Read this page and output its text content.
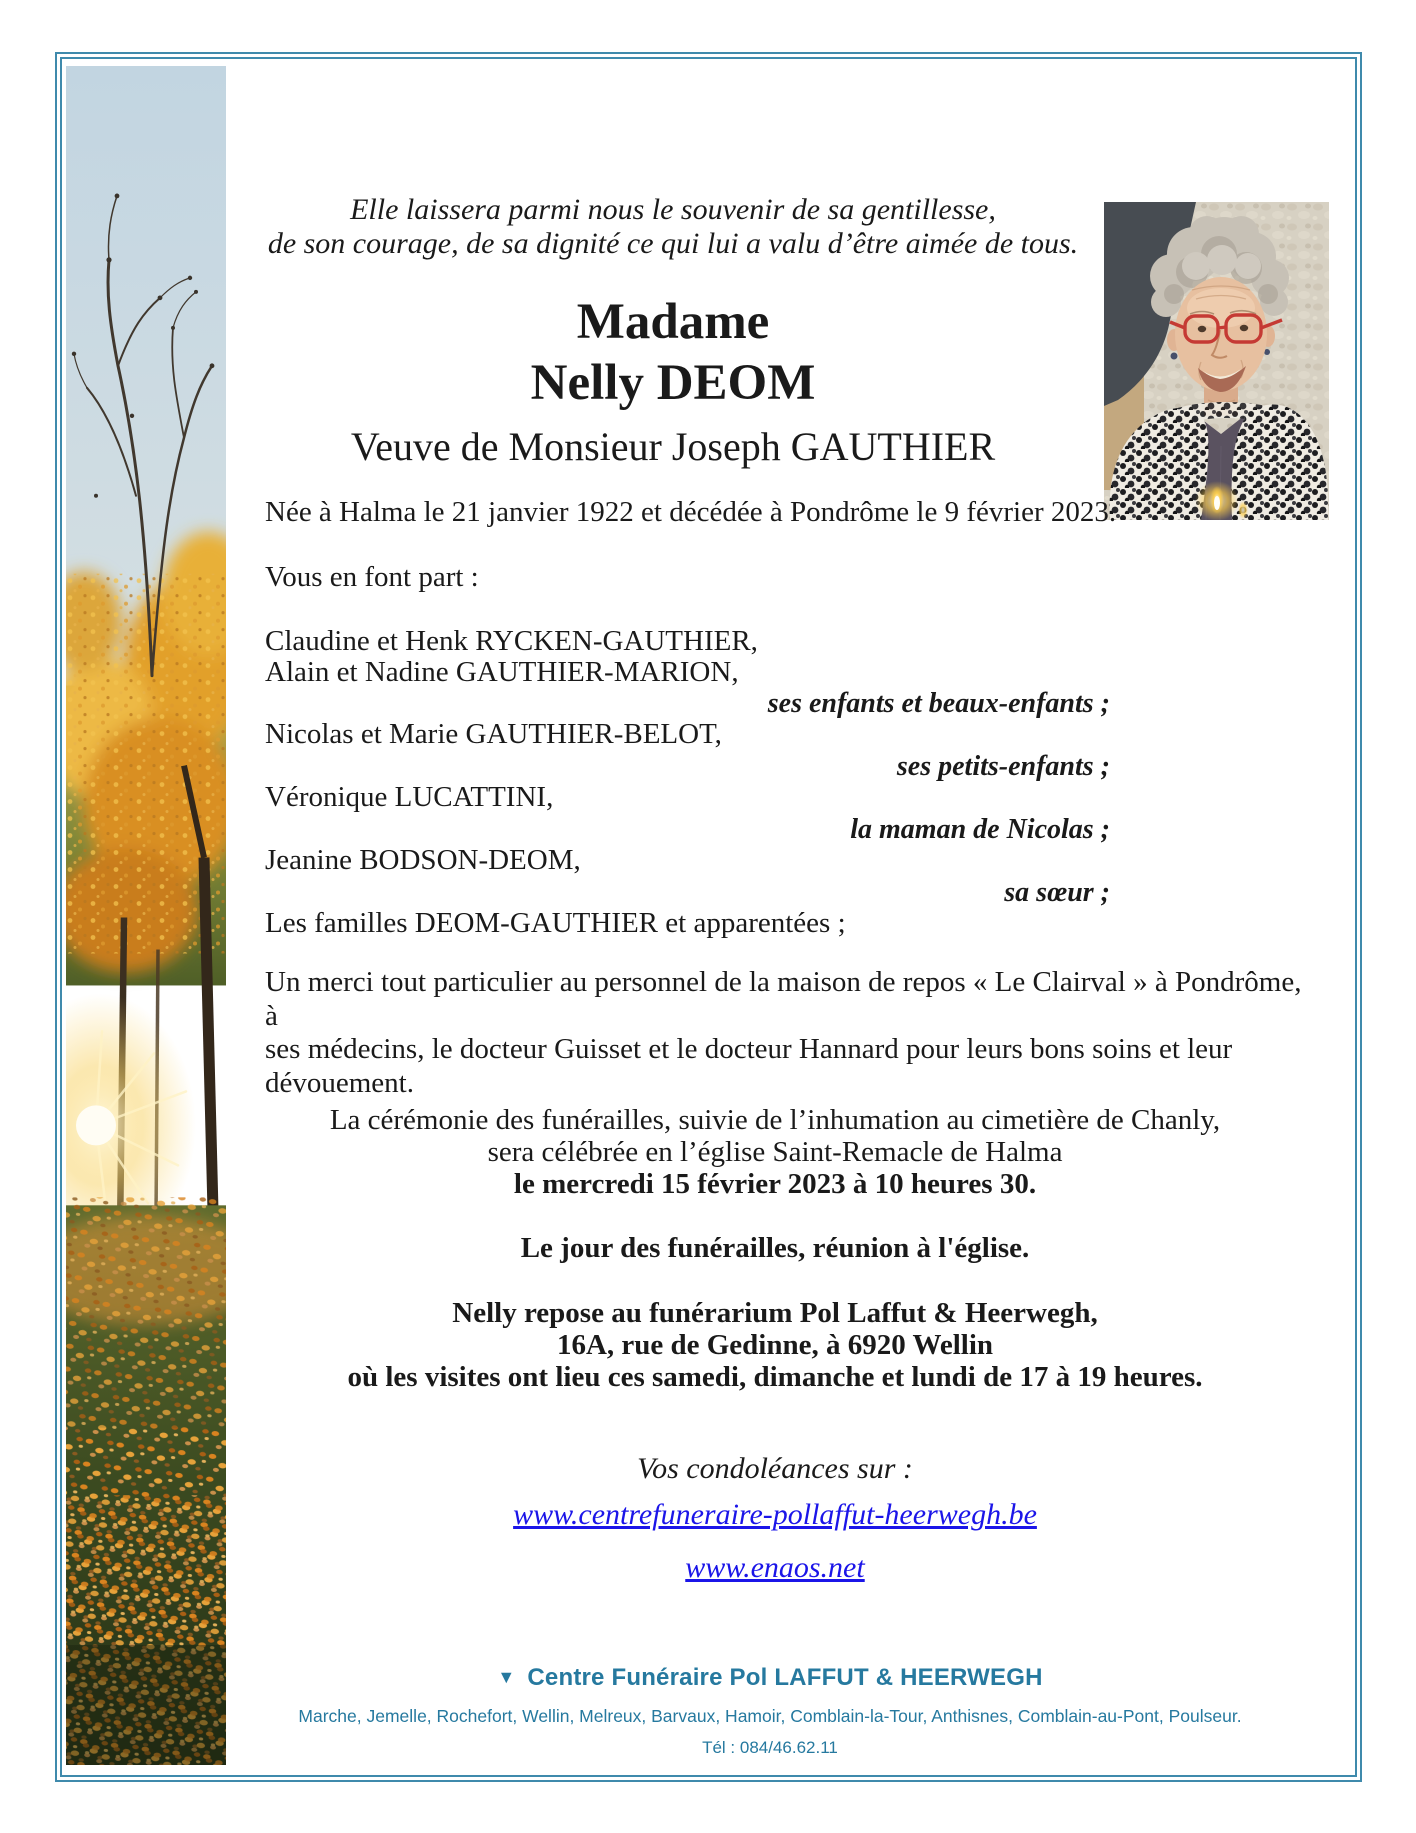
Elle laissera parmi nous le souvenir de sa gentillesse,
de son courage, de sa dignité ce qui lui a valu d’être aimée de tous.
Madame
Nelly DEOM
Veuve de Monsieur Joseph GAUTHIER
Née à Halma le 21 janvier 1922 et décédée à Pondrôme le 9 février 2023.
Vous en font part :
Claudine et Henk RYCKEN-GAUTHIER,
Alain et Nadine GAUTHIER-MARION,
ses enfants et beaux-enfants ;
Nicolas et Marie GAUTHIER-BELOT,
ses petits-enfants ;
Véronique LUCATTINI,
la maman de Nicolas ;
Jeanine BODSON-DEOM,
sa sœur ;
Les familles DEOM-GAUTHIER et apparentées ;
Un merci tout particulier au personnel de la maison de repos « Le Clairval » à Pondrôme, à
ses médecins, le docteur Guisset et le docteur Hannard pour leurs bons soins et leur
dévouement.
La cérémonie des funérailles, suivie de l’inhumation au cimetière de Chanly,
sera célébrée en l’église Saint-Remacle de Halma
le mercredi 15 février 2023 à 10 heures 30.
Le jour des funérailles, réunion à l'église.
Nelly repose au funérarium Pol Laffut & Heerwegh,
16A, rue de Gedinne, à 6920 Wellin
où les visites ont lieu ces samedi, dimanche et lundi de 17 à 19 heures.
Vos condoléances sur :
www.centrefuneraire-pollaffut-heerwegh.be
www.enaos.net
▼ Centre Funéraire Pol LAFFUT & HEERWEGH
Marche, Jemelle, Rochefort, Wellin, Melreux, Barvaux, Hamoir, Comblain-la-Tour, Anthisnes, Comblain-au-Pont, Poulseur.
Tél : 084/46.62.11
